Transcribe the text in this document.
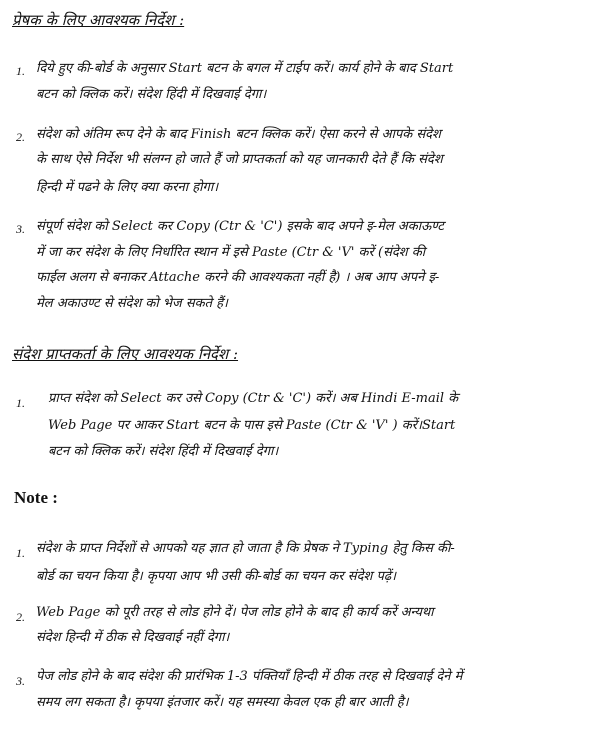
प्रेषक के लिए आवश्यक निर्देश :
1. दिये हुए की-बोर्ड के अनुसार Start बटन के बगल में टाईप करें। कार्य होने के बाद Start
बटन को क्लिक करें। संदेश हिंदी में दिखवाई देगा।
2. संदेश को अंतिम रूप देने के बाद Finish बटन क्लिक करें। ऐसा करने से आपके संदेश
के साथ ऐसे निर्देश भी संलग्न हो जाते हैं जो प्राप्तकर्ता को यह जानकारी देते हैं कि संदेश
हिन्दी में पढने के लिए क्या करना होगा।
3. संपूर्ण संदेश को Select कर Copy (Ctr & 'C') इसके बाद अपने इ-मेल अकाऊण्ट
में जा कर संदेश के लिए निर्धारित स्थान में इसे Paste (Ctr & 'V' करें (संदेश की
फाईल अलग से बनाकर Attache करने की आवश्यकता नहीं है) । अब आप अपने इ-
मेल अकाउण्ट से संदेश को भेज सकते हैं।
संदेश प्राप्तकर्ता के लिए आवश्यक निर्देश :
1. प्राप्त संदेश को Select कर उसे Copy (Ctr & 'C') करें। अब Hindi E-mail के
Web Page पर आकर Start बटन के पास इसे Paste (Ctr & 'V' ) करें।Start
बटन को क्लिक करें। संदेश हिंदी में दिखवाई देगा।
Note :
1. संदेश के प्राप्त निर्देशों से आपको यह ज्ञात हो जाता है कि प्रेषक ने Typing हेतु किस की-
बोर्ड का चयन किया है। कृपया आप भी उसी की-बोर्ड का चयन कर संदेश पढ़ें।
2. Web Page को पूरी तरह से लोड होने दें। पेज लोड होने के बाद ही कार्य करें अन्यथा
संदेश हिन्दी में ठीक से दिखवाई नहीं देगा।
3. पेज लोड होने के बाद संदेश की प्रारंभिक 1-3 पंक्तियाँ हिन्दी में ठीक तरह से दिखवाई देने में
समय लग सकता है। कृपया इंतजार करें। यह समस्या केवल एक ही बार आती है।
